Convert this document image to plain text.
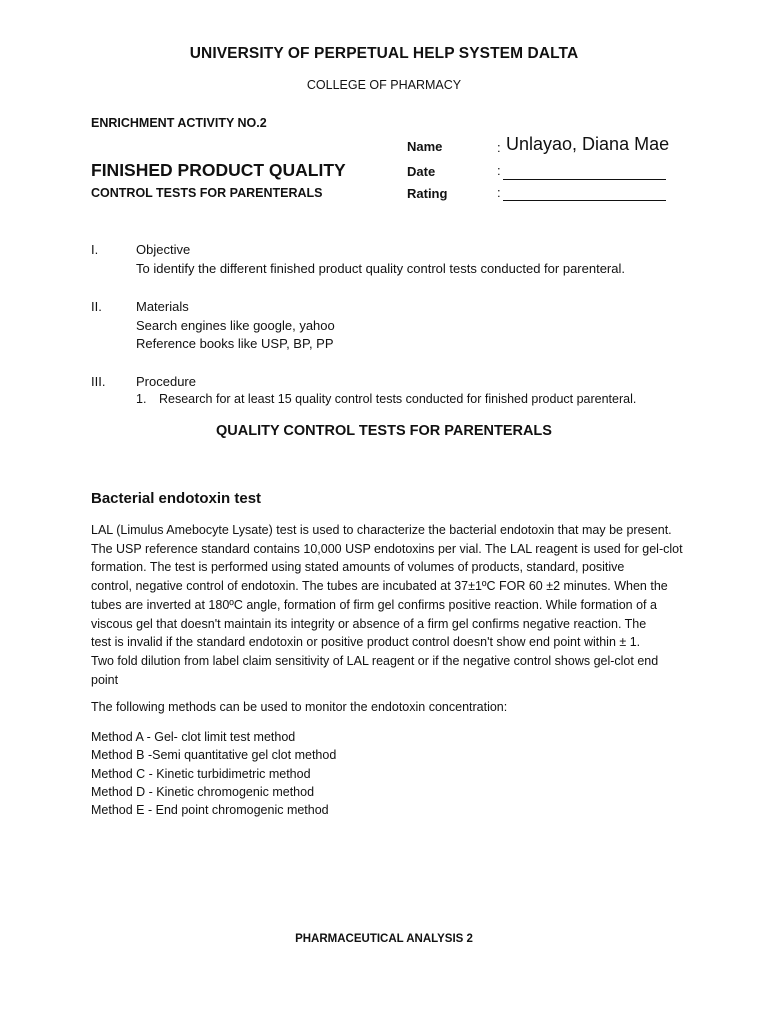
UNIVERSITY OF PERPETUAL HELP SYSTEM DALTA
COLLEGE OF PHARMACY
ENRICHMENT ACTIVITY NO.2
FINISHED PRODUCT QUALITY
CONTROL TESTS FOR PARENTERALS
Name	: Unlayao, Diana Mae
Date	:
Rating	:
I.	Objective
To identify the different finished product quality control tests conducted for parenteral.
II.	Materials
Search engines like google, yahoo
Reference books like USP, BP, PP
III. Procedure
1. Research for at least 15 quality control tests conducted for finished product parenteral.
QUALITY CONTROL TESTS FOR PARENTERALS
Bacterial endotoxin test
LAL (Limulus Amebocyte Lysate) test is used to characterize the bacterial endotoxin that may be present.
The USP reference standard contains 10,000 USP endotoxins per vial. The LAL reagent is used for gel-clot
formation. The test is performed using stated amounts of volumes of products, standard, positive
control, negative control of endotoxin. The tubes are incubated at 37±1ºC FOR 60 ±2 minutes. When the
tubes are inverted at 180ºC angle, formation of firm gel confirms positive reaction. While formation of a
viscous gel that doesn't maintain its integrity or absence of a firm gel confirms negative reaction. The
test is invalid if the standard endotoxin or positive product control doesn't show end point within ± 1.
Two fold dilution from label claim sensitivity of LAL reagent or if the negative control shows gel-clot end
point
The following methods can be used to monitor the endotoxin concentration:
Method A - Gel- clot limit test method
Method B -Semi quantitative gel clot method
Method C - Kinetic turbidimetric method
Method D - Kinetic chromogenic method
Method E - End point chromogenic method
PHARMACEUTICAL ANALYSIS 2
